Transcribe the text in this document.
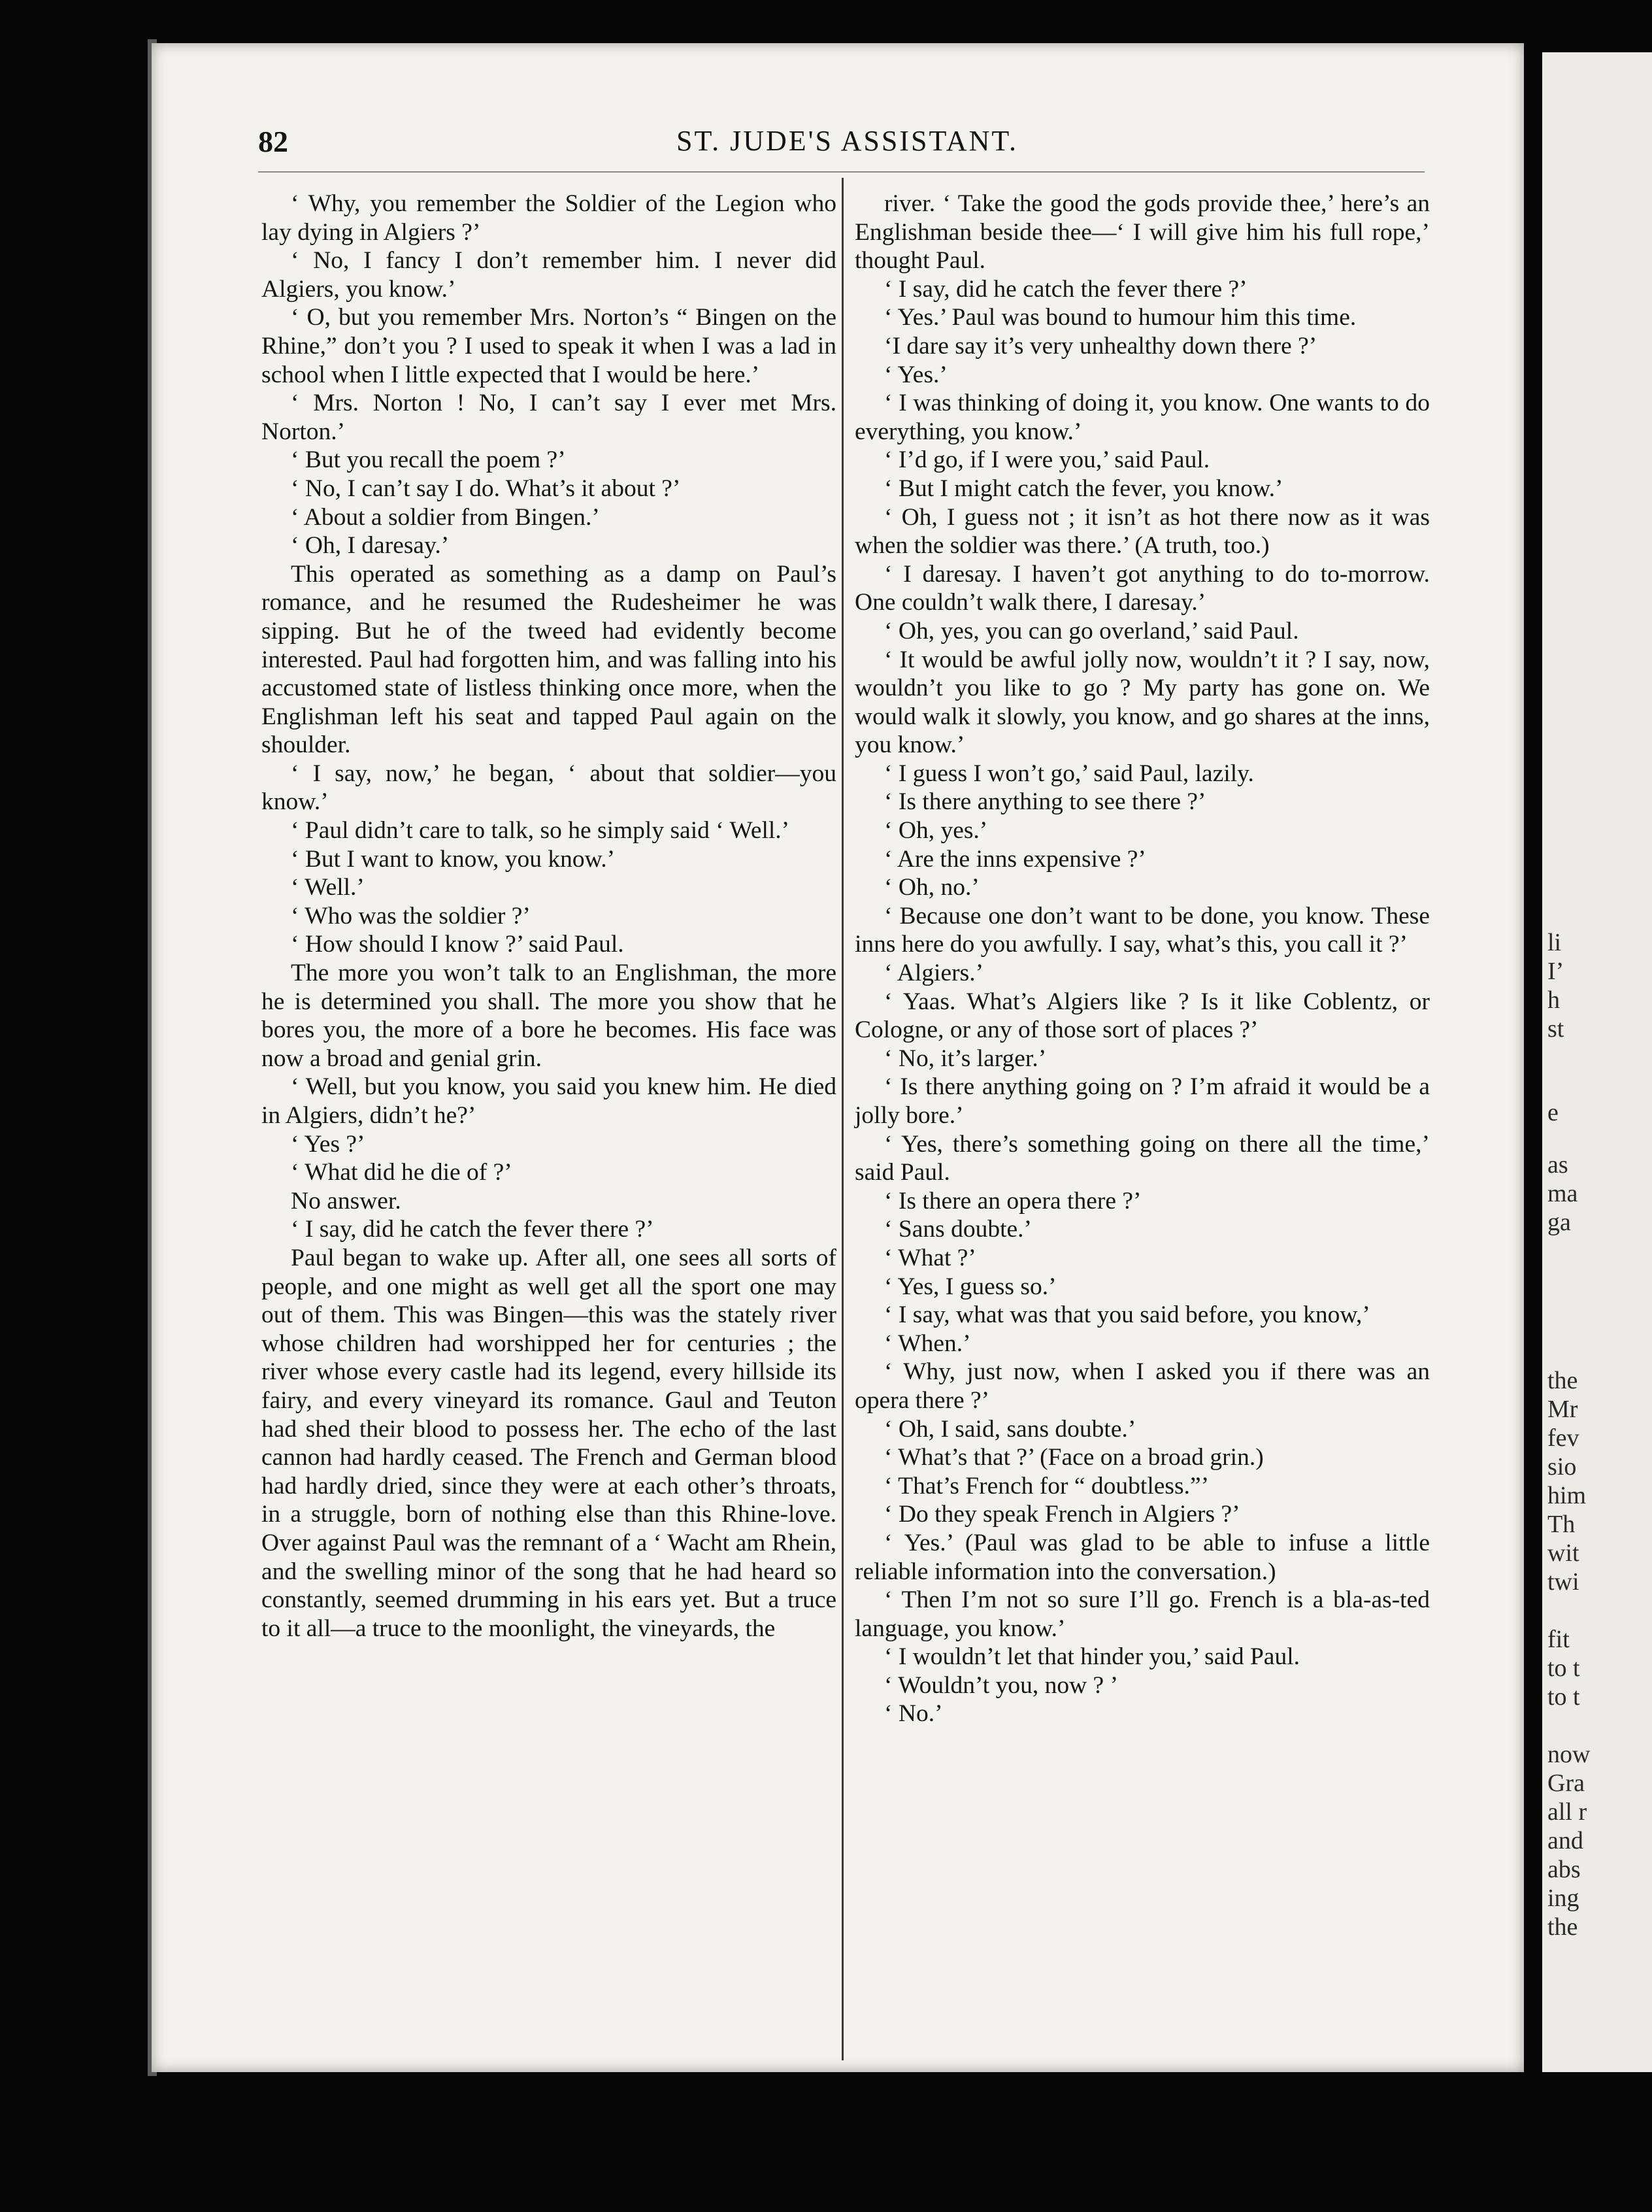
82	ST. JUDE'S ASSISTANT.

‘ Why, you remember the Soldier of the Legion who lay dying in Algiers ?’

‘ No, I fancy I don’t remember him. I never did Algiers, you know.’

‘ O, but you remember Mrs. Norton’s “ Bingen on the Rhine,” don’t you ? I used to speak it when I was a lad in school when I little expected that I would be here.’

‘ Mrs. Norton ! No, I can’t say I ever met Mrs. Norton.’

‘ But you recall the poem ?’

‘ No, I can’t say I do. What’s it about ?’

‘ About a soldier from Bingen.’

‘ Oh, I daresay.’

This operated as something as a damp on Paul’s romance, and he resumed the Rudesheimer he was sipping. But he of the tweed had evidently become interested. Paul had forgotten him, and was falling into his accustomed state of listless thinking once more, when the Englishman left his seat and tapped Paul again on the shoulder.

‘ I say, now,’ he began, ‘ about that soldier—you know.’

‘ Paul didn’t care to talk, so he simply said ‘ Well.’

‘ But I want to know, you know.’

‘ Well.’

‘ Who was the soldier ?’

‘ How should I know ?’ said Paul.

The more you won’t talk to an Englishman, the more he is determined you shall. The more you show that he bores you, the more of a bore he becomes. His face was now a broad and genial grin.

‘ Well, but you know, you said you knew him. He died in Algiers, didn’t he?’

‘ Yes ?’

‘ What did he die of ?’

No answer.

‘ I say, did he catch the fever there ?’

Paul began to wake up. After all, one sees all sorts of people, and one might as well get all the sport one may out of them. This was Bingen—this was the stately river whose children had worshipped her for centuries ; the river whose every castle had its legend, every hillside its fairy, and every vineyard its romance. Gaul and Teuton had shed their blood to possess her. The echo of the last cannon had hardly ceased. The French and German blood had hardly dried, since they were at each other’s throats, in a struggle, born of nothing else than this Rhine-love. Over against Paul was the remnant of a ‘ Wacht am Rhein, and the swelling minor of the song that he had heard so constantly, seemed drumming in his ears yet. But a truce to it all—a truce to the moonlight, the vineyards, the

river. ‘ Take the good the gods provide thee,’ here’s an Englishman beside thee—‘ I will give him his full rope,’ thought Paul.

‘ I say, did he catch the fever there ?’

‘ Yes.’ Paul was bound to humour him this time.

‘I dare say it’s very unhealthy down there ?’

‘ Yes.’

‘ I was thinking of doing it, you know. One wants to do everything, you know.’

‘ I’d go, if I were you,’ said Paul.

‘ But I might catch the fever, you know.’

‘ Oh, I guess not ; it isn’t as hot there now as it was when the soldier was there.’ (A truth, too.)

‘ I daresay. I haven’t got anything to do to-morrow. One couldn’t walk there, I daresay.’

‘ Oh, yes, you can go overland,’ said Paul.

‘ It would be awful jolly now, wouldn’t it ? I say, now, wouldn’t you like to go ? My party has gone on. We would walk it slowly, you know, and go shares at the inns, you know.’

‘ I guess I won’t go,’ said Paul, lazily.

‘ Is there anything to see there ?’

‘ Oh, yes.’

‘ Are the inns expensive ?’

‘ Oh, no.’

‘ Because one don’t want to be done, you know. These inns here do you awfully. I say, what’s this, you call it ?’

‘ Algiers.’

‘ Yaas. What’s Algiers like ? Is it like Coblentz, or Cologne, or any of those sort of places ?’

‘ No, it’s larger.’

‘ Is there anything going on ? I’m afraid it would be a jolly bore.’

‘ Yes, there’s something going on there all the time,’ said Paul.

‘ Is there an opera there ?’

‘ Sans doubte.’

‘ What ?’

‘ Yes, I guess so.’

‘ I say, what was that you said before, you know,’

‘ When.’

‘ Why, just now, when I asked you if there was an opera there ?’

‘ Oh, I said, sans doubte.’

‘ What’s that ?’ (Face on a broad grin.)

‘ That’s French for “ doubtless.”’

‘ Do they speak French in Algiers ?’

‘ Yes.’ (Paul was glad to be able to infuse a little reliable information into the conversation.)

‘ Then I’m not so sure I’ll go. French is a bla-as-ted language, you know.’

‘ I wouldn’t let that hinder you,’ said Paul.

‘ Wouldn’t you, now ? ’

‘ No.’

li
I’
h
st
e
as
ma
ga
the
Mr
fev
sio
him
Th
wit
twi
fit
to t
to t
now
Gra
all r
and
abs
ing
the
